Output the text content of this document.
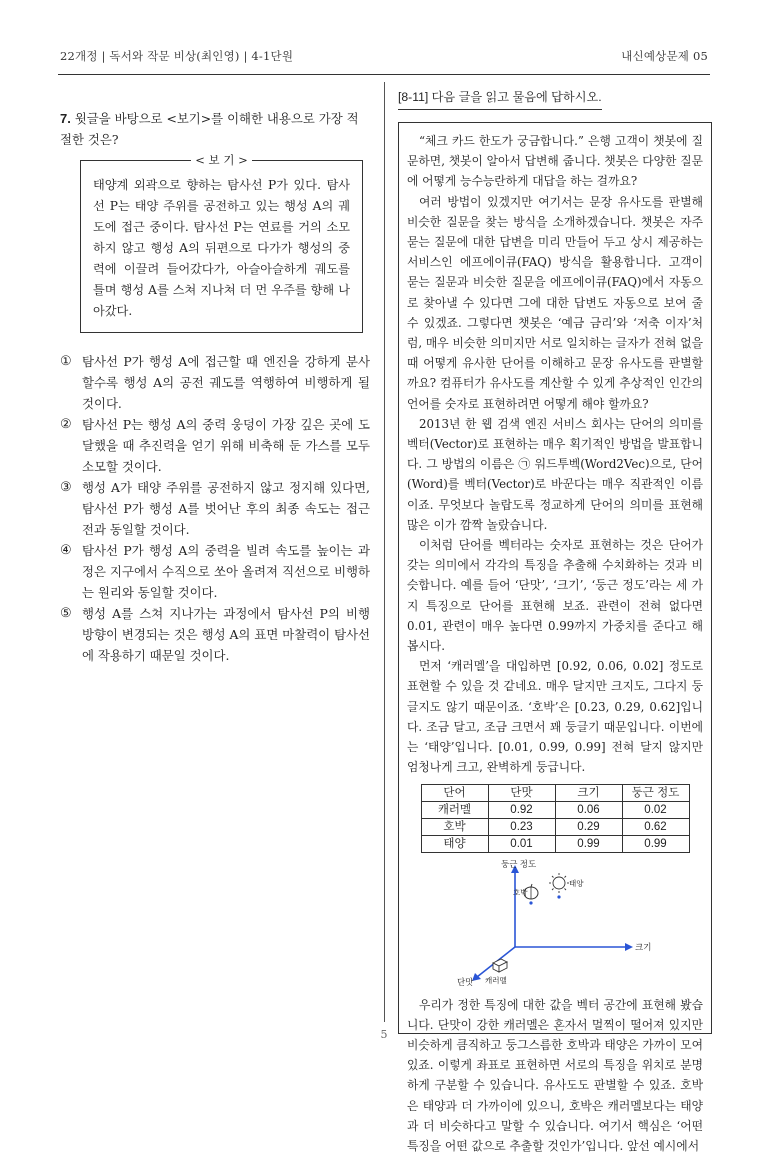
22개정 | 독서와 작문 비상(최인영) | 4-1단원	내신예상문제 05
7. 윗글을 바탕으로 <보기>를 이해한 내용으로 가장 적절한 것은?
< 보 기 >
태양계 외곽으로 향하는 탐사선 P가 있다. 탐사선 P는 태양 주위를 공전하고 있는 행성 A의 궤도에 접근 중이다. 탐사선 P는 연료를 거의 소모하지 않고 행성 A의 뒤편으로 다가가 행성의 중력에 이끌려 들어갔다가, 아슬아슬하게 궤도를 틀며 행성 A를 스쳐 지나쳐 더 먼 우주를 향해 나아갔다.
① 탐사선 P가 행성 A에 접근할 때 엔진을 강하게 분사할수록 행성 A의 공전 궤도를 역행하여 비행하게 될 것이다.
② 탐사선 P는 행성 A의 중력 웅덩이 가장 깊은 곳에 도달했을 때 추진력을 얻기 위해 비축해 둔 가스를 모두 소모할 것이다.
③ 행성 A가 태양 주위를 공전하지 않고 정지해 있다면, 탐사선 P가 행성 A를 벗어난 후의 최종 속도는 접근 전과 동일할 것이다.
④ 탐사선 P가 행성 A의 중력을 빌려 속도를 높이는 과정은 지구에서 수직으로 쏘아 올려져 직선으로 비행하는 원리와 동일할 것이다.
⑤ 행성 A를 스쳐 지나가는 과정에서 탐사선 P의 비행 방향이 변경되는 것은 행성 A의 표면 마찰력이 탐사선에 작용하기 때문일 것이다.
[8-11] 다음 글을 읽고 물음에 답하시오.

“체크 카드 한도가 궁금합니다.” 은행 고객이 챗봇에 질문하면, 챗봇이 알아서 답변해 줍니다. 챗봇은 다양한 질문에 어떻게 능수능란하게 대답을 하는 걸까요?

여러 방법이 있겠지만 여기서는 문장 유사도를 판별해 비슷한 질문을 찾는 방식을 소개하겠습니다. 챗봇은 자주 묻는 질문에 대한 답변을 미리 만들어 두고 상시 제공하는 서비스인 에프에이큐(FAQ) 방식을 활용합니다. 고객이 묻는 질문과 비슷한 질문을 에프에이큐(FAQ)에서 자동으로 찾아낼 수 있다면 그에 대한 답변도 자동으로 보여 줄 수 있겠죠. 그렇다면 챗봇은 ‘예금 금리’와 ‘저축 이자’처럼, 매우 비슷한 의미지만 서로 일치하는 글자가 전혀 없을 때 어떻게 유사한 단어를 이해하고 문장 유사도를 판별할까요? 컴퓨터가 유사도를 계산할 수 있게 추상적인 인간의 언어를 숫자로 표현하려면 어떻게 해야 할까요?

2013년 한 웹 검색 엔진 서비스 회사는 단어의 의미를 벡터(Vector)로 표현하는 매우 획기적인 방법을 발표합니다. 그 방법의 이름은 ㉠ 워드투벡(Word2Vec)으로, 단어(Word)를 벡터(Vector)로 바꾼다는 매우 직관적인 이름이죠. 무엇보다 놀랍도록 정교하게 단어의 의미를 표현해 많은 이가 깜짝 놀랐습니다.

이처럼 단어를 벡터라는 숫자로 표현하는 것은 단어가 갖는 의미에서 각각의 특징을 추출해 수치화하는 것과 비슷합니다. 예를 들어 ‘단맛’, ‘크기’, ‘둥근 정도’라는 세 가지 특징으로 단어를 표현해 보죠. 관련이 전혀 없다면 0.01, 관련이 매우 높다면 0.99까지 가중치를 준다고 해 봅시다.

먼저 ‘캐러멜’을 대입하면 [0.92, 0.06, 0.02] 정도로 표현할 수 있을 것 같네요. 매우 달지만 크지도, 그다지 둥글지도 않기 때문이죠. ‘호박’은 [0.23, 0.29, 0.62]입니다. 조금 달고, 조금 크면서 꽤 둥글기 때문입니다. 이번에는 ‘태양’입니다. [0.01, 0.99, 0.99] 전혀 달지 않지만 엄청나게 크고, 완벽하게 둥급니다.

단어	단맛	크기	둥근 정도
캐러멜	0.92	0.06	0.02
호박	0.23	0.29	0.62
태양	0.01	0.99	0.99
둥근 정도
크기
단맛
호박
태양
캐러멜

우리가 정한 특징에 대한 값을 벡터 공간에 표현해 봤습니다. 단맛이 강한 캐러멜은 혼자서 멀찍이 떨어져 있지만 비슷하게 큼직하고 둥그스름한 호박과 태양은 가까이 모여 있죠. 이렇게 좌표로 표현하면 서로의 특징을 위치로 분명하게 구분할 수 있습니다. 유사도도 판별할 수 있죠. 호박은 태양과 더 가까이에 있으니, 호박은 캐러멜보다는 태양과 더 비슷하다고 말할 수 있습니다. 여기서 핵심은 ‘어떤 특징을 어떤 값으로 추출할 것인가’입니다. 앞선 예시에서

5
